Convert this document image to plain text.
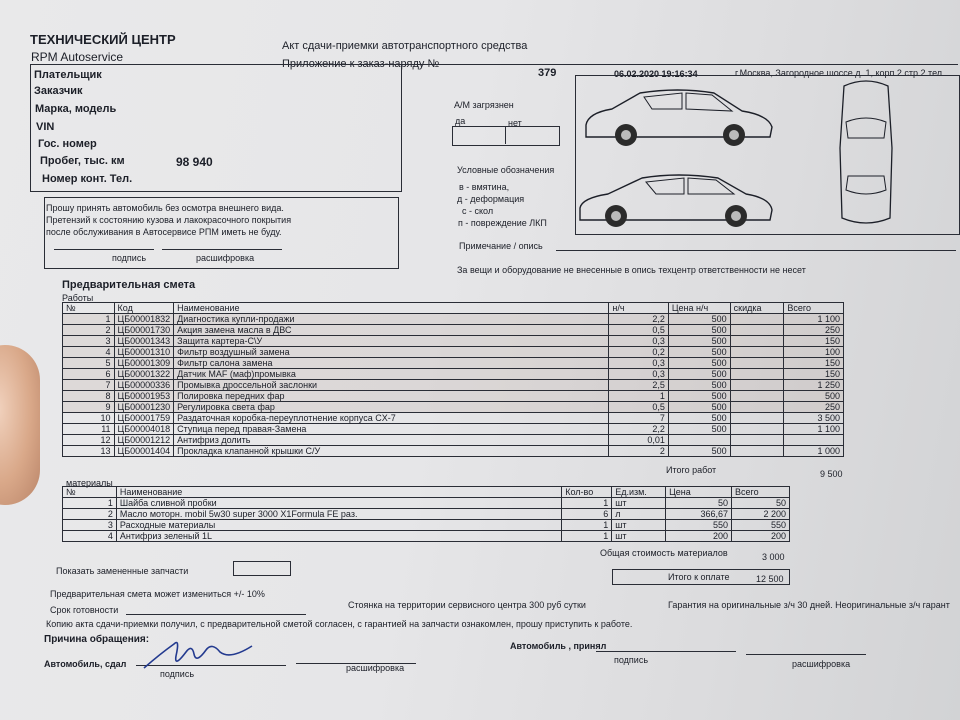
ТЕХНИЧЕСКИЙ ЦЕНТР
RPM Autoservice
Акт сдачи-приемки автотранспортного средства
Приложение к заказ-наряду №
379	06.02.2020 19:16:34	г.Москва, Загородное шоссе д. 1, корп.2 стр.2 тел.
Плательщик
Заказчик
Марка, модель
VIN
Гос. номер
Пробег, тыс. км	98 940
Номер конт. Тел.
А/М загрязнен
да	нет
Условные обозначения
в - вмятина,
д - деформация
с - скол
п - повреждение ЛКП
Прошу принять автомобиль без осмотра внешнего вида.
Претензий к состоянию кузова и лакокрасочного покрытия
после обслуживания в Автосервисе РПМ иметь не буду.
подпись	расшифровка
Примечание / опись
За вещи и оборудование не внесенные в опись техцентр ответственности не несет
Предварительная смета
Работы
№	Код	Наименование	н/ч	Цена н/ч	скидка	Всего
1	ЦБ00001832	Диагностика купли-продажи	2,2	500		1 100
2	ЦБ00001730	Акция замена масла в ДВС	0,5	500		250
3	ЦБ00001343	Защита картера-С\У	0,3	500		150
4	ЦБ00001310	Фильтр воздушный замена	0,2	500		100
5	ЦБ00001309	Фильтр салона замена	0,3	500		150
6	ЦБ00001322	Датчик MAF (маф)промывка	0,3	500		150
7	ЦБ00000336	Промывка дроссельной заслонки	2,5	500		1 250
8	ЦБ00001953	Полировка передних фар	1	500		500
9	ЦБ00001230	Регулировка света фар	0,5	500		250
10	ЦБ00001759	Раздаточная коробка-переуплотнение корпуса CX-7	7	500		3 500
11	ЦБ00004018	Ступица перед правая-Замена	2,2	500		1 100
12	ЦБ00001212	Антифриз долить	0,01			
13	ЦБ00001404	Прокладка клапанной крышки С/У	2	500		1 000
Итого работ	9 500
материалы
№	Наименование	Кол-во	Ед.изм.	Цена	Всего
1	Шайба сливной пробки	1	шт	50	50
2	Масло моторн. mobil 5w30 super 3000 X1Formula FE раз.	6	л	366,67	2 200
3	Расходные материалы	1	шт	550	550
4	Антифриз зеленый 1L	1	шт	200	200
Общая стоимость материалов	3 000
Итого к оплате	12 500
Показать замененные запчасти
Предварительная смета может измениться +/- 10%
Срок готовности	Стоянка на территории сервисного центра 300 руб сутки	Гарантия на оригинальные з/ч 30 дней. Неоригинальные з/ч гарант
Копию акта сдачи-приемки получил, с предварительной сметой согласен, с гарантией на запчасти ознакомлен, прошу приступить к работе.
Причина обращения:
Автомобиль, сдал
подпись
расшифровка
Автомобиль , принял
подпись	расшифровка
